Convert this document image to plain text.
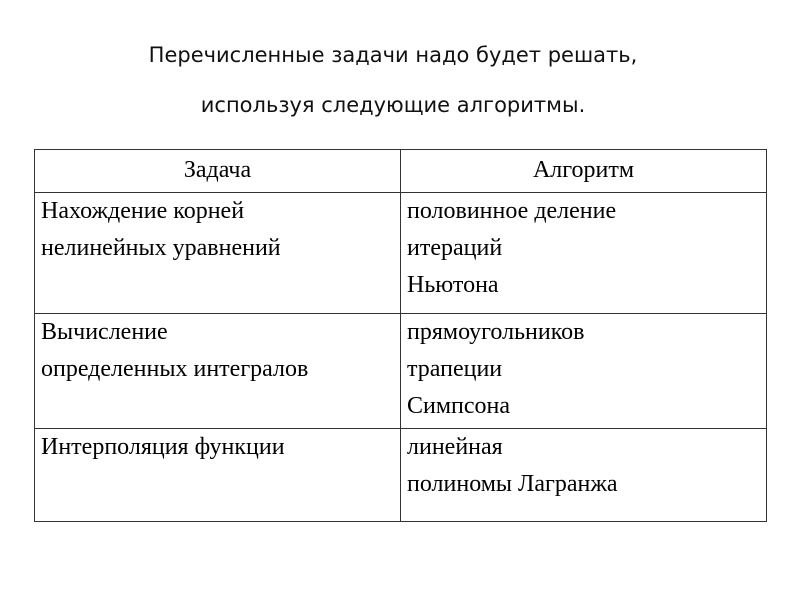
Перечисленные задачи надо будет решать,
используя следующие алгоритмы.
Задача	Алгоритм

Нахождение корней
нелинейных уравнений	половинное деление
итераций
Ньютона

Вычисление
определенных интегралов	прямоугольников
трапеции
Симпсона

Интерполяция функции	линейная
полиномы Лагранжа
